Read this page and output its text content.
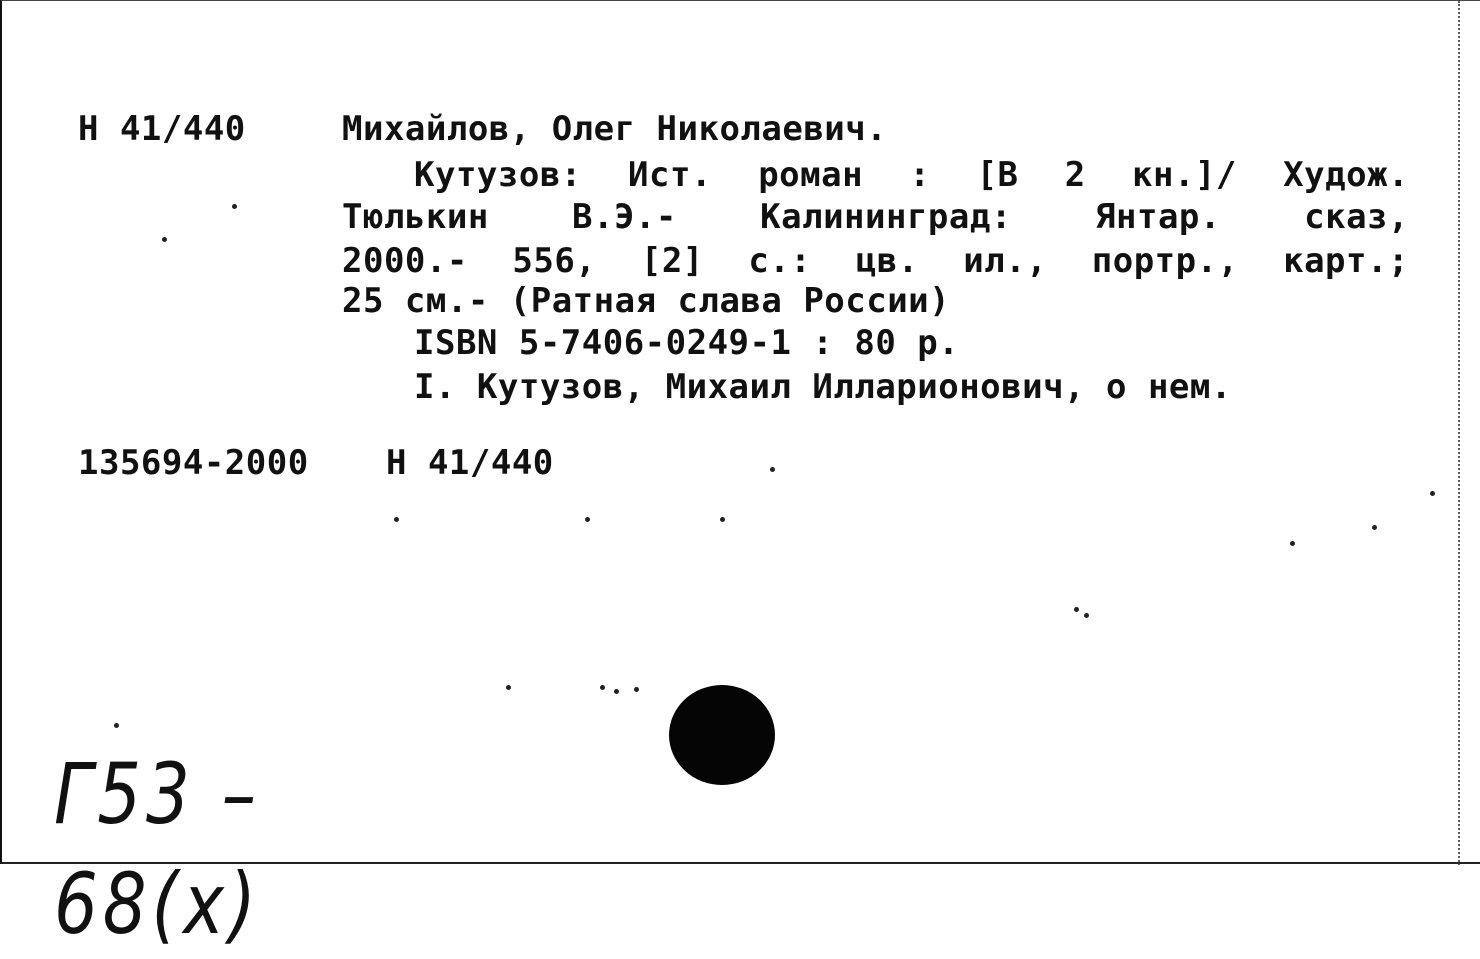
Н 41/440	Михайлов, Олег Николаевич.
Кутузов: Ист. роман : [В 2 кн.]/ Худож.
Тюлькин В.Э.- Калининград: Янтар. сказ,
2000.- 556, [2] с.: цв. ил., портр., карт.;
25 см.- (Ратная слава России)
ISBN 5-7406-0249-1 : 80 р.
I. Кутузов, Михаил Илларионович, о нем.
135694-2000 Н 41/440
Г53 – 68(х)
